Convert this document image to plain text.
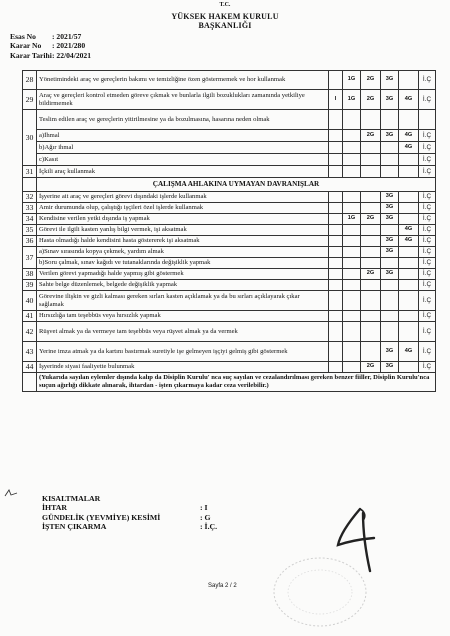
T.C.
YÜKSEK HAKEM KURULU
BAŞKANLIĞI
Esas No	: 2021/57
Karar No	: 2021/280
Karar Tarihi : 22/04/2021
28	Yönetimindeki araç ve gereçlerin bakımı ve temizliğine özen göstermemek ve hor kullanmak		1G	2G	3G		İ.Ç
29	Araç ve gereçleri kontrol etmeden göreve çıkmak ve bunlarla ilgili bozuklukları zamanında yetkiliye bildirmemek	I	1G	2G	3G	4G	İ.Ç
30	Teslim edilen araç ve gereçlerin yitirilmesine ya da bozulmasına, hasarına neden olmak						
	a)İhmal			2G	3G	4G	İ.Ç
	b)Ağır ihmal					4G	İ.Ç
	c)Kasıt						İ.Ç
31	İçkili araç kullanmak						İ.Ç
	ÇALIŞMA AHLAKINA UYMAYAN DAVRANIŞLAR						
32	İşyerine ait araç ve gereçleri görevi dışındaki işlerde kullanmak				3G		İ.Ç
33	Amir durumunda olup, çalıştığı işçileri özel işlerde kullanmak				3G		İ.Ç
34	Kendisine verilen yetki dışında iş yapmak		1G	2G	3G		İ.Ç
35	Görevi ile ilgili kasten yanlış bilgi vermek, işi aksatmak					4G	İ.Ç
36	Hasta olmadığı halde kendisini hasta göstererek işi aksatmak				3G	4G	İ.Ç
37	a)Sınav sırasında kopya çekmek, yardım almak				3G		İ.Ç
	b)Soru çalmak, sınav kağıdı ve tutanaklarında değişiklik yapmak						İ.Ç
38	Verilen görevi yapmadığı halde yapmış gibi göstermek			2G	3G		İ.Ç
39	Sahte belge düzenlemek, belgede değişiklik yapmak						İ.Ç
40	Görevine ilişkin ve gizli kalması gereken sırları kasten açıklamak ya da bu sırları açıklayarak çıkar sağlamak						İ.Ç
41	Hırsızlığa tam teşebbüs veya hırsızlık yapmak						İ.Ç
42	Rüşvet almak ya da vermeye tam teşebbüs veya rüşvet almak ya da vermek						İ.Ç
43	Yerine imza atmak ya da kartını bastırmak suretiyle işe gelmeyen işçiyi gelmiş gibi göstermek				3G	4G	İ.Ç
44	İşyerinde siyasi faaliyette bulunmak			2G	3G		İ.Ç
	(Yukarıda sayılan eylemler dışında kalıp da Disiplin Kurulu' nca suç sayılan ve cezalandırılması gereken benzer fiiller, Disiplin Kurulu'nca suçun ağırlığı dikkate alınarak, ihtardan - işten çıkarmaya kadar ceza verilebilir.)						
KISALTMALAR
İHTAR	: I
GÜNDELİK (YEVMİYE) KESİMİ	: G
İŞTEN ÇIKARMA	: İ.Ç.
Sayfa 2 / 2
